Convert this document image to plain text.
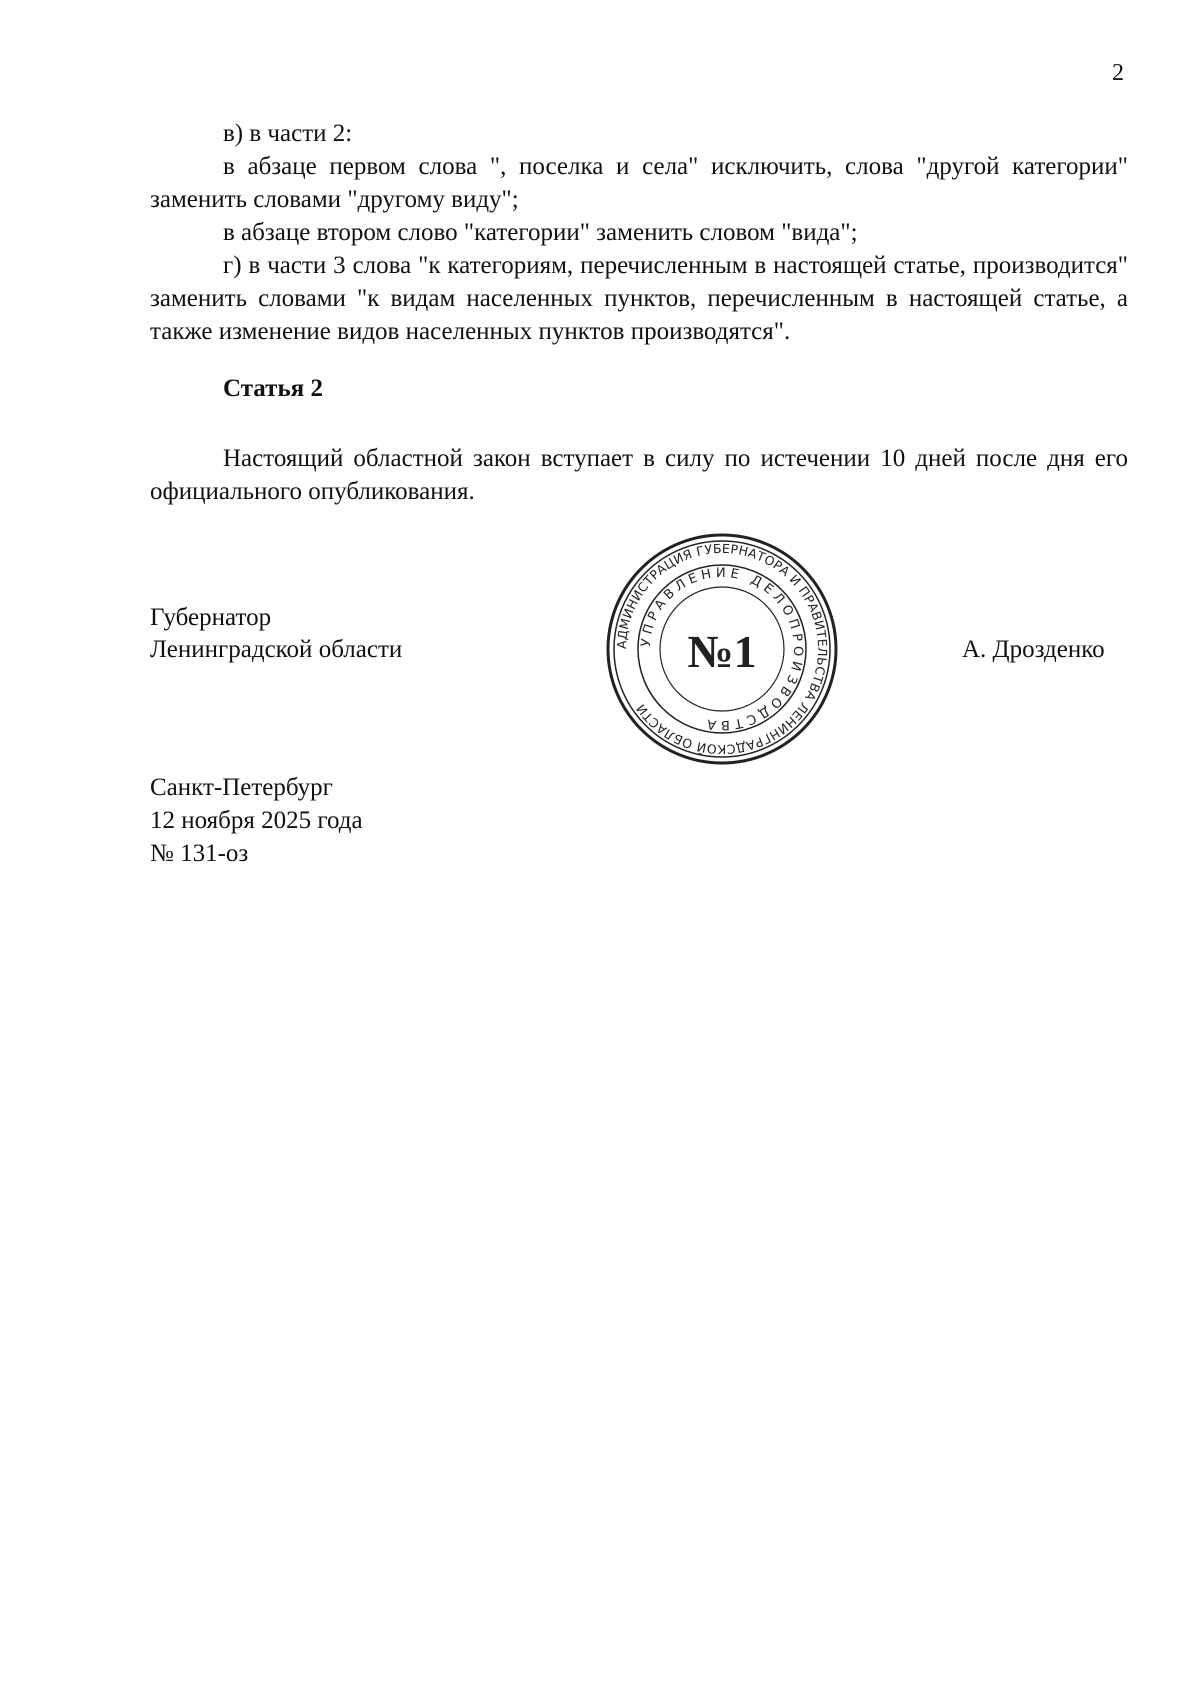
2

в) в части 2:

в абзаце первом слова ", поселка и села" исключить, слова "другой категории" заменить словами "другому виду";

в абзаце втором слово "категории" заменить словом "вида";

г) в части 3 слова "к категориям, перечисленным в настоящей статье, производится" заменить словами "к видам населенных пунктов, перечисленным в настоящей статье, а также изменение видов населенных пунктов производятся".

Статья 2

Настоящий областной закон вступает в силу по истечении 10 дней после дня его официального опубликования.

Губернатор
Ленинградской области	АДМИНИСТРАЦИЯ ГУБЕРНАТОРА И ПРАВИТЕЛЬСТВА ЛЕНИНГРАДСКОЙ ОБЛАСТИ
УПРАВЛЕНИЕ ДЕЛОПРОИЗВОДСТВА
№1	А. Дрозденко
Санкт-Петербург
12 ноября 2025 года
№ 131-оз
